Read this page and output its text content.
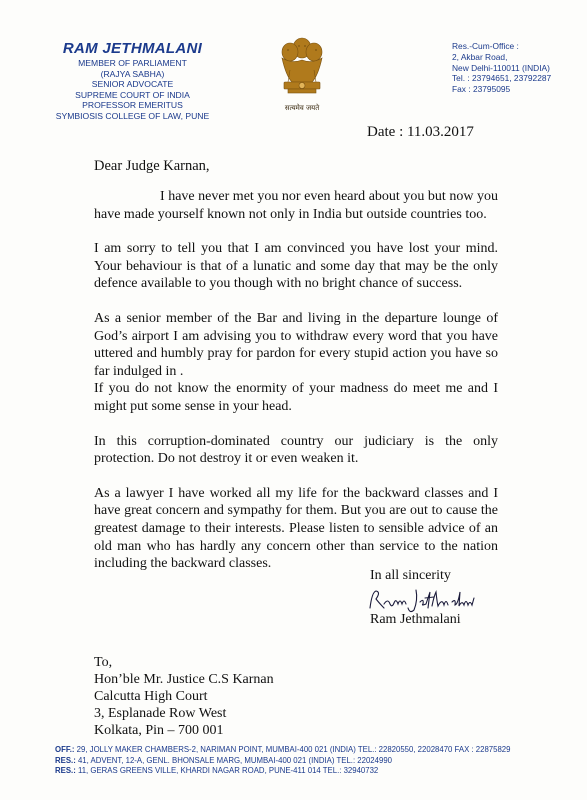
RAM JETHMALANI
MEMBER OF PARLIAMENT
(RAJYA SABHA)
SENIOR ADVOCATE
SUPREME COURT OF INDIA
PROFESSOR EMERITUS
SYMBIOSIS COLLEGE OF LAW, PUNE
सत्यमेव जयते
Res.-Cum-Office :
2, Akbar Road,
New Delhi-110011 (INDIA)
Tel. : 23794651, 23792287
Fax : 23795095
Date : 11.03.2017
Dear Judge Karnan,

I have never met you nor even heard about you but now you have made yourself known not only in India but outside countries too.

I am sorry to tell you that I am convinced you have lost your mind. Your behaviour is that of a lunatic and some day that may be the only defence available to you though with no bright chance of success.

As a senior member of the Bar and living in the departure lounge of God’s airport I am advising you to withdraw every word that you have uttered and humbly pray for pardon for every stupid action you have so far indulged in .

If you do not know the enormity of your madness do meet me and I might put some sense in your head.

In this corruption-dominated country our judiciary is the only protection. Do not destroy it or even weaken it.

As a lawyer I have worked all my life for the backward classes and I have great concern and sympathy for them. But you are out to cause the greatest damage to their interests. Please listen to sensible advice of an old man who has hardly any concern other than service to the nation including the backward classes.

In all sincerity
Ram Jethmalani
To,
Hon’ble Mr. Justice C.S Karnan
Calcutta High Court
3, Esplanade Row West
Kolkata, Pin – 700 001
OFF.: 29, JOLLY MAKER CHAMBERS-2, NARIMAN POINT, MUMBAI-400 021 (INDIA) TEL.: 22820550, 22028470 FAX : 22875829
RES.: 41, ADVENT, 12-A, GENL. BHONSALE MARG, MUMBAI-400 021 (INDIA) TEL.: 22024990
RES.: 11, GERAS GREENS VILLE, KHARDI NAGAR ROAD, PUNE-411 014 TEL.: 32940732
